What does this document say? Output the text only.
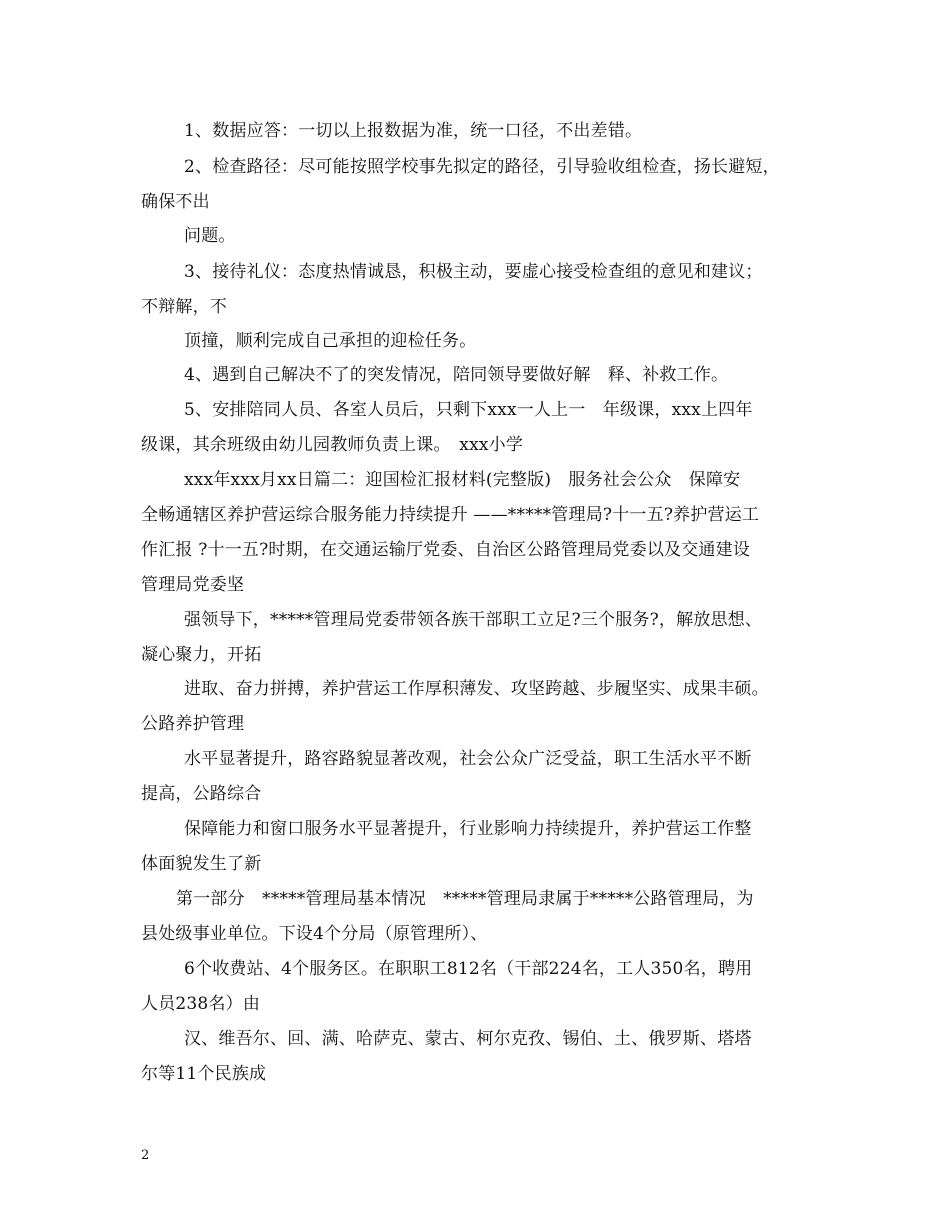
1、数据应答：一切以上报数据为准，统一口径，不出差错。
2、检查路径：尽可能按照学校事先拟定的路径，引导验收组检查，扬长避短，
确保不出
问题。
3、接待礼仪：态度热情诚恳，积极主动，要虚心接受检查组的意见和建议；
不辩解，不
顶撞，顺利完成自己承担的迎检任务。
4、遇到自己解决不了的突发情况，陪同领导要做好解　释、补救工作。
5、安排陪同人员、各室人员后，只剩下xxx一人上一　年级课，xxx上四年
级课，其余班级由幼儿园教师负责上课。　xxx小学
xxx年xxx月xx日篇二：迎国检汇报材料(完整版)　服务社会公众　保障安
全畅通辖区养护营运综合服务能力持续提升 ——*****管理局?十一五?养护营运工
作汇报 ?十一五?时期，在交通运输厅党委、自治区公路管理局党委以及交通建设
管理局党委坚
强领导下，*****管理局党委带领各族干部职工立足?三个服务?，解放思想、
凝心聚力，开拓
进取、奋力拼搏，养护营运工作厚积薄发、攻坚跨越、步履坚实、成果丰硕。
公路养护管理
水平显著提升，路容路貌显著改观，社会公众广泛受益，职工生活水平不断
提高，公路综合
保障能力和窗口服务水平显著提升，行业影响力持续提升，养护营运工作整
体面貌发生了新
第一部分　*****管理局基本情况　*****管理局隶属于*****公路管理局，为
县处级事业单位。下设4个分局（原管理所）、
6个收费站、4个服务区。在职职工812名（干部224名，工人350名，聘用
人员238名）由
汉、维吾尔、回、满、哈萨克、蒙古、柯尔克孜、锡伯、土、俄罗斯、塔塔
尔等11个民族成
2
